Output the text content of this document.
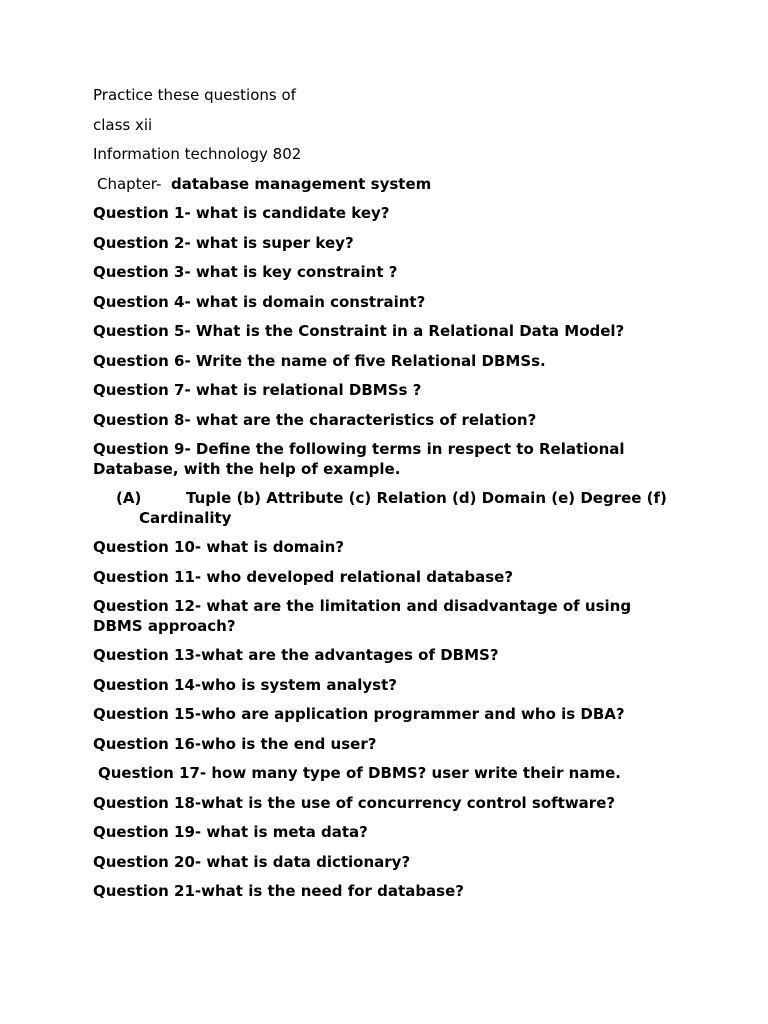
Practice these questions of
class xii
Information technology 802
Chapter- database management system
Question 1- what is candidate key?
Question 2- what is super key?
Question 3- what is key constraint ?
Question 4- what is domain constraint?
Question 5- What is the Constraint in a Relational Data Model?
Question 6- Write the name of five Relational DBMSs.
Question 7- what is relational DBMSs ?
Question 8- what are the characteristics of relation?
Question 9- Define the following terms in respect to Relational Database, with the help of example.
(A)	Tuple (b) Attribute (c) Relation (d) Domain (e) Degree (f) Cardinality
Question 10- what is domain?
Question 11- who developed relational database?
Question 12- what are the limitation and disadvantage of using DBMS approach?
Question 13-what are the advantages of DBMS?
Question 14-who is system analyst?
Question 15-who are application programmer and who is DBA?
Question 16-who is the end user?
Question 17- how many type of DBMS? user write their name.
Question 18-what is the use of concurrency control software?
Question 19- what is meta data?
Question 20- what is data dictionary?
Question 21-what is the need for database?
